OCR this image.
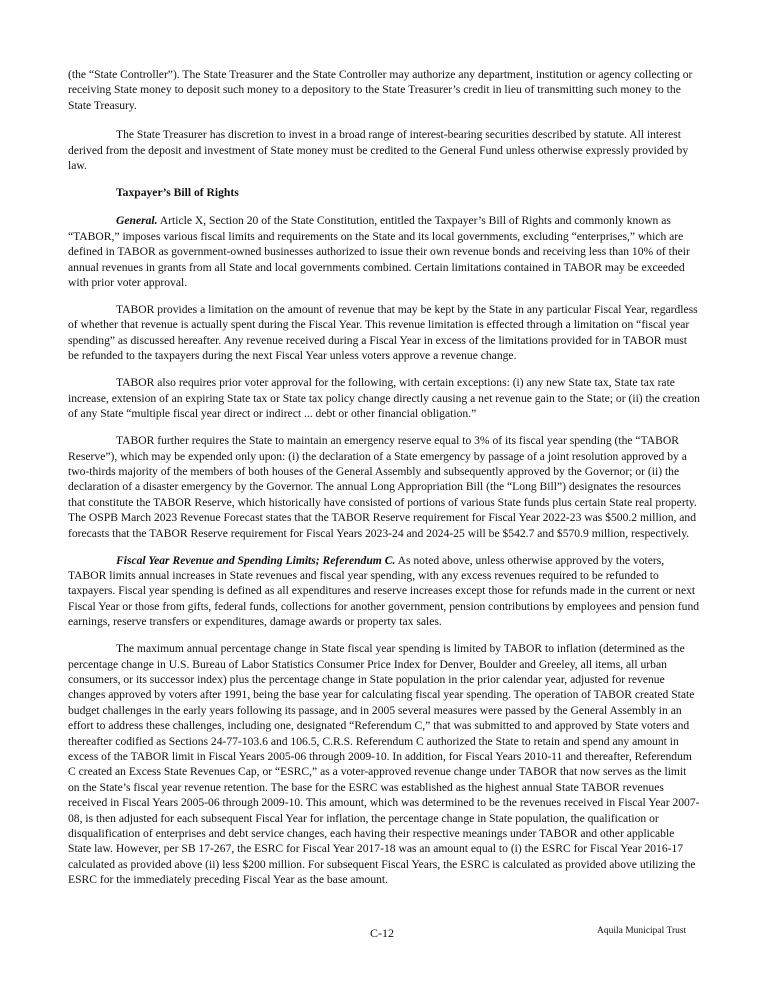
(the “State Controller”). The State Treasurer and the State Controller may authorize any department, institution or agency collecting or receiving State money to deposit such money to a depository to the State Treasurer’s credit in lieu of transmitting such money to the State Treasury.

The State Treasurer has discretion to invest in a broad range of interest-bearing securities described by statute. All interest derived from the deposit and investment of State money must be credited to the General Fund unless otherwise expressly provided by law.

Taxpayer’s Bill of Rights

General. Article X, Section 20 of the State Constitution, entitled the Taxpayer’s Bill of Rights and commonly known as “TABOR,” imposes various fiscal limits and requirements on the State and its local governments, excluding “enterprises,” which are defined in TABOR as government-owned businesses authorized to issue their own revenue bonds and receiving less than 10% of their annual revenues in grants from all State and local governments combined. Certain limitations contained in TABOR may be exceeded with prior voter approval.

TABOR provides a limitation on the amount of revenue that may be kept by the State in any particular Fiscal Year, regardless of whether that revenue is actually spent during the Fiscal Year. This revenue limitation is effected through a limitation on “fiscal year spending” as discussed hereafter. Any revenue received during a Fiscal Year in excess of the limitations provided for in TABOR must be refunded to the taxpayers during the next Fiscal Year unless voters approve a revenue change.

TABOR also requires prior voter approval for the following, with certain exceptions: (i) any new State tax, State tax rate increase, extension of an expiring State tax or State tax policy change directly causing a net revenue gain to the State; or (ii) the creation of any State “multiple fiscal year direct or indirect ... debt or other financial obligation.”

TABOR further requires the State to maintain an emergency reserve equal to 3% of its fiscal year spending (the “TABOR Reserve”), which may be expended only upon: (i) the declaration of a State emergency by passage of a joint resolution approved by a two-thirds majority of the members of both houses of the General Assembly and subsequently approved by the Governor; or (ii) the declaration of a disaster emergency by the Governor. The annual Long Appropriation Bill (the “Long Bill”) designates the resources that constitute the TABOR Reserve, which historically have consisted of portions of various State funds plus certain State real property. The OSPB March 2023 Revenue Forecast states that the TABOR Reserve requirement for Fiscal Year 2022-23 was $500.2 million, and forecasts that the TABOR Reserve requirement for Fiscal Years 2023-24 and 2024-25 will be $542.7 and $570.9 million, respectively.

Fiscal Year Revenue and Spending Limits; Referendum C. As noted above, unless otherwise approved by the voters, TABOR limits annual increases in State revenues and fiscal year spending, with any excess revenues required to be refunded to taxpayers. Fiscal year spending is defined as all expenditures and reserve increases except those for refunds made in the current or next Fiscal Year or those from gifts, federal funds, collections for another government, pension contributions by employees and pension fund earnings, reserve transfers or expenditures, damage awards or property tax sales.

The maximum annual percentage change in State fiscal year spending is limited by TABOR to inflation (determined as the percentage change in U.S. Bureau of Labor Statistics Consumer Price Index for Denver, Boulder and Greeley, all items, all urban consumers, or its successor index) plus the percentage change in State population in the prior calendar year, adjusted for revenue changes approved by voters after 1991, being the base year for calculating fiscal year spending. The operation of TABOR created State budget challenges in the early years following its passage, and in 2005 several measures were passed by the General Assembly in an effort to address these challenges, including one, designated “Referendum C,” that was submitted to and approved by State voters and thereafter codified as Sections 24-77-103.6 and 106.5, C.R.S. Referendum C authorized the State to retain and spend any amount in excess of the TABOR limit in Fiscal Years 2005-06 through 2009-10. In addition, for Fiscal Years 2010-11 and thereafter, Referendum C created an Excess State Revenues Cap, or “ESRC,” as a voter-approved revenue change under TABOR that now serves as the limit on the State’s fiscal year revenue retention. The base for the ESRC was established as the highest annual State TABOR revenues received in Fiscal Years 2005-06 through 2009-10. This amount, which was determined to be the revenues received in Fiscal Year 2007-08, is then adjusted for each subsequent Fiscal Year for inflation, the percentage change in State population, the qualification or disqualification of enterprises and debt service changes, each having their respective meanings under TABOR and other applicable State law. However, per SB 17-267, the ESRC for Fiscal Year 2017-18 was an amount equal to (i) the ESRC for Fiscal Year 2016-17 calculated as provided above (ii) less $200 million. For subsequent Fiscal Years, the ESRC is calculated as provided above utilizing the ESRC for the immediately preceding Fiscal Year as the base amount.

C-12	Aquila Municipal Trust
